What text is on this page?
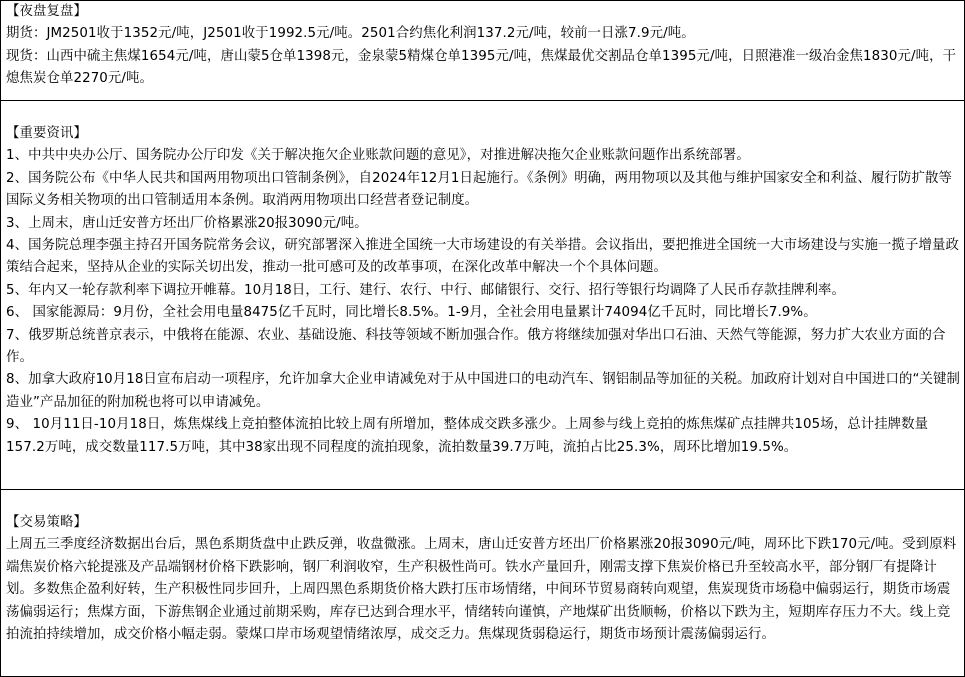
【夜盘复盘】

期货：JM2501收于1352元/吨，J2501收于1992.5元/吨。2501合约焦化利润137.2元/吨，较前一日涨7.9元/吨。

现货：山西中硫主焦煤1654元/吨，唐山蒙5仓单1398元，金泉蒙5精煤仓单1395元/吨，焦煤最优交割品仓单1395元/吨，日照港准一级冶金焦1830元/吨，干熄焦炭仓单2270元/吨。

【重要资讯】

1、中共中央办公厅、国务院办公厅印发《关于解决拖欠企业账款问题的意见》，对推进解决拖欠企业账款问题作出系统部署。

2、国务院公布《中华人民共和国两用物项出口管制条例》，自2024年12月1日起施行。《条例》明确，两用物项以及其他与维护国家安全和利益、履行防扩散等国际义务相关物项的出口管制适用本条例。取消两用物项出口经营者登记制度。

3、上周末，唐山迁安普方坯出厂价格累涨20报3090元/吨。

4、国务院总理李强主持召开国务院常务会议，研究部署深入推进全国统一大市场建设的有关举措。会议指出，要把推进全国统一大市场建设与实施一揽子增量政策结合起来，坚持从企业的实际关切出发，推动一批可感可及的改革事项，在深化改革中解决一个个具体问题。

5、年内又一轮存款利率下调拉开帷幕。10月18日，工行、建行、农行、中行、邮储银行、交行、招行等银行均调降了人民币存款挂牌利率。

6、 国家能源局：9月份，全社会用电量8475亿千瓦时，同比增长8.5%。1-9月，全社会用电量累计74094亿千瓦时，同比增长7.9%。

7、俄罗斯总统普京表示，中俄将在能源、农业、基础设施、科技等领域不断加强合作。俄方将继续加强对华出口石油、天然气等能源，努力扩大农业方面的合作。

8、加拿大政府10月18日宣布启动一项程序，允许加拿大企业申请减免对于从中国进口的电动汽车、钢铝制品等加征的关税。加政府计划对自中国进口的“关键制造业”产品加征的附加税也将可以申请减免。

9、 10月11日-10月18日，炼焦煤线上竞拍整体流拍比较上周有所增加，整体成交跌多涨少。上周参与线上竞拍的炼焦煤矿点挂牌共105场，总计挂牌数量157.2万吨，成交数量117.5万吨，其中38家出现不同程度的流拍现象，流拍数量39.7万吨，流拍占比25.3%，周环比增加19.5%。

【交易策略】

上周五三季度经济数据出台后，黑色系期货盘中止跌反弹，收盘微涨。上周末，唐山迁安普方坯出厂价格累涨20报3090元/吨，周环比下跌170元/吨。受到原料端焦炭价格六轮提涨及产品端钢材价格下跌影响，钢厂利润收窄，生产积极性尚可。铁水产量回升，刚需支撑下焦炭价格已升至较高水平，部分钢厂有提降计划。多数焦企盈利好转，生产积极性同步回升，上周四黑色系期货价格大跌打压市场情绪，中间环节贸易商转向观望，焦炭现货市场稳中偏弱运行，期货市场震荡偏弱运行；焦煤方面，下游焦钢企业通过前期采购，库存已达到合理水平，情绪转向谨慎，产地煤矿出货顺畅，价格以下跌为主，短期库存压力不大。线上竞拍流拍持续增加，成交价格小幅走弱。蒙煤口岸市场观望情绪浓厚，成交乏力。焦煤现货弱稳运行，期货市场预计震荡偏弱运行。
